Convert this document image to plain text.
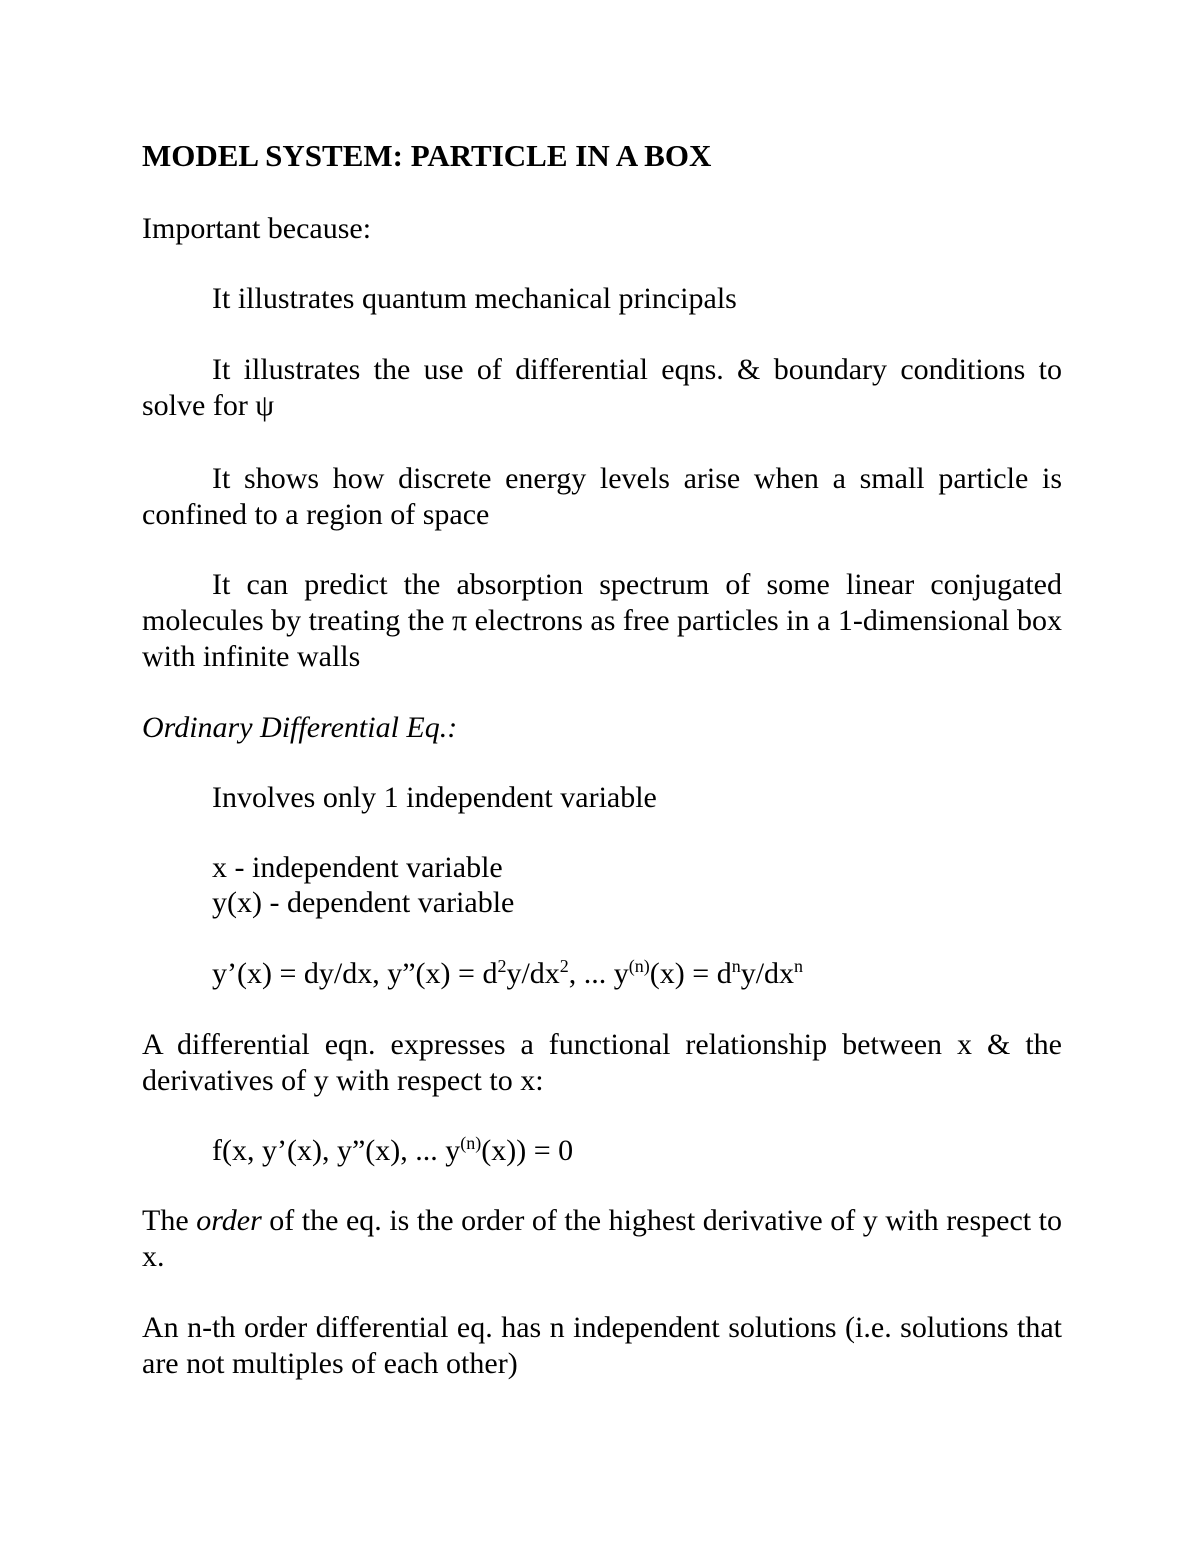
MODEL SYSTEM: PARTICLE IN A BOX
Important because:
It illustrates quantum mechanical principals
It illustrates the use of differential eqns. & boundary conditions to solve for ψ
It shows how discrete energy levels arise when a small particle is confined to a region of space
It can predict the absorption spectrum of some linear conjugated molecules by treating the π electrons as free particles in a 1-dimensional box with infinite walls
Ordinary Differential Eq.:
Involves only 1 independent variable
x - independent variable
y(x) - dependent variable
y’(x) = dy/dx, y”(x) = $d^2y/dx^2$, ... $y^{(n)}(x) = d^ny/dx^n$
A differential eqn. expresses a functional relationship between x & the derivatives of y with respect to x:
f(x, y’(x), y”(x), ... $y^{(n)}(x)) = 0$
The order of the eq. is the order of the highest derivative of y with respect to x.
An n-th order differential eq. has n independent solutions (i.e. solutions that are not multiples of each other)
